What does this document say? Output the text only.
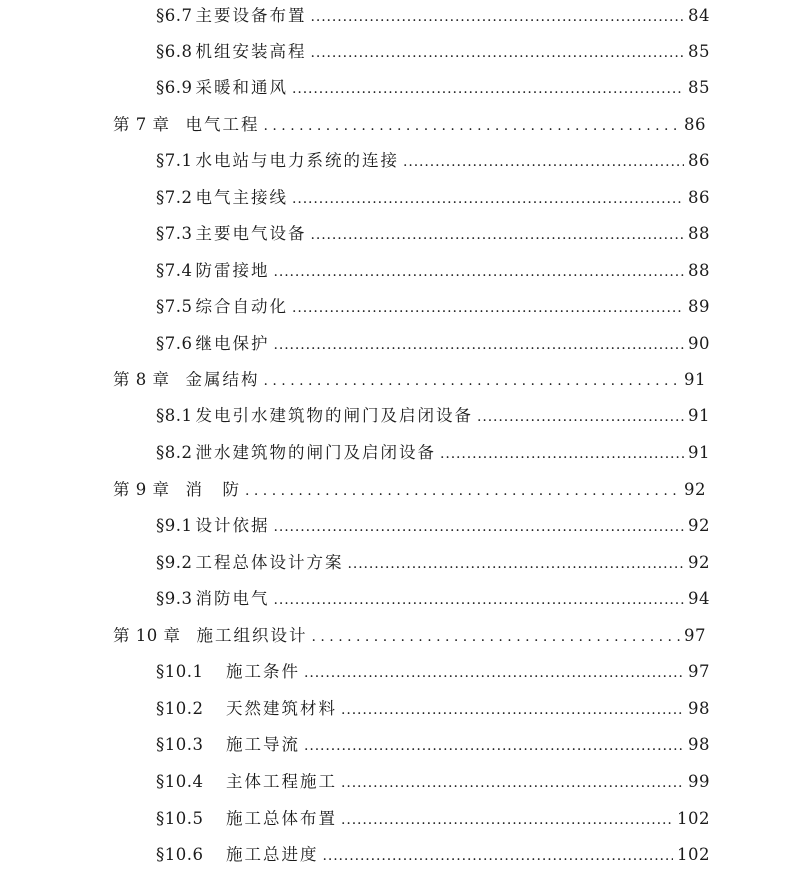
§6.7 主要设备布置 .....	84
§6.8 机组安装高程 .....	85
§6.9 采暖和通风 .....	85
第 7 章 电气工程 . . .	86
§7.1 水电站与电力系统的连接 .....	86
§7.2 电气主接线 .....	86
§7.3 主要电气设备 .....	88
§7.4 防雷接地 .....	88
§7.5 综合自动化 .....	89
§7.6 继电保护 .....	90
第 8 章 金属结构 . . .	91
§8.1 发电引水建筑物的闸门及启闭设备 .....	91
§8.2 泄水建筑物的闸门及启闭设备 .....	91
第 9 章 消　防 . . .	92
§9.1 设计依据 .....	92
§9.2 工程总体设计方案 .....	92
§9.3 消防电气 .....	94
第 10 章 施工组织设计 . . .	97
§10.1	施工条件 .....	97
§10.2	天然建筑材料 .....	98
§10.3	施工导流 .....	98
§10.4	主体工程施工 .....	99
§10.5	施工总体布置 .....	102
§10.6	施工总进度 .....	102
